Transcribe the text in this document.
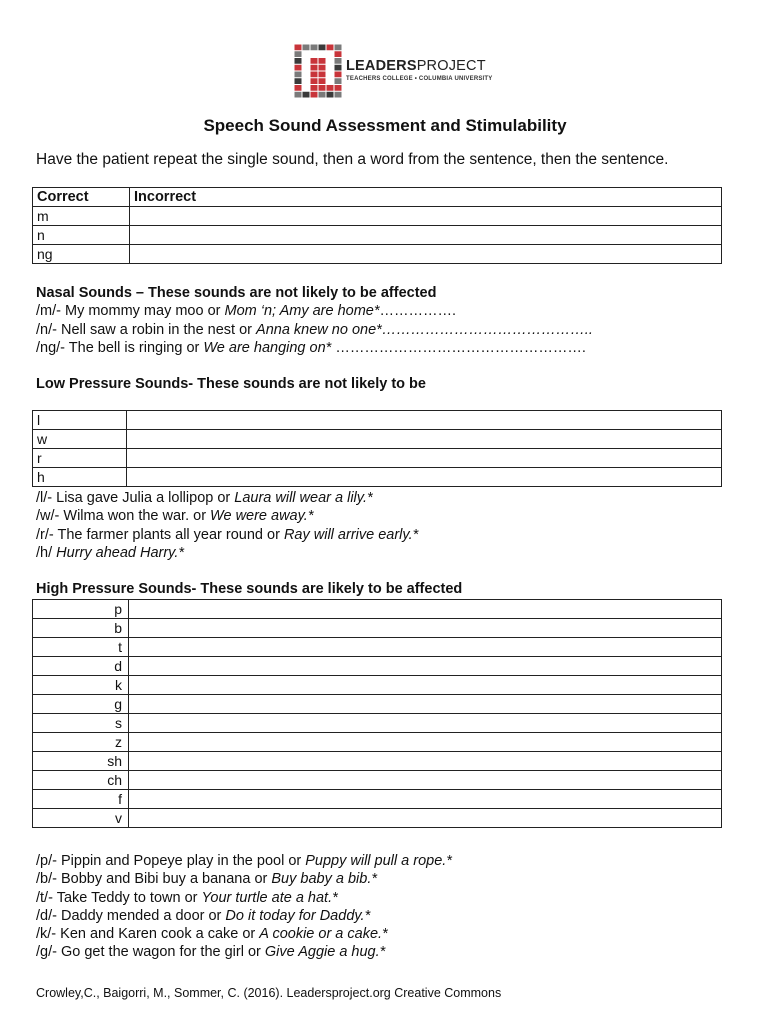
LEADERSPROJECT
TEACHERS COLLEGE • COLUMBIA UNIVERSITY
Speech Sound Assessment and Stimulability
Have the patient repeat the single sound, then a word from the sentence, then the sentence.
Correct	Incorrect
m	
n	
ng	
Nasal Sounds – These sounds are not likely to be affected
/m/- My mommy may moo or Mom ‘n; Amy are home*…………….
/n/- Nell saw a robin in the nest or Anna knew no one*……………………………………..
/ng/- The bell is ringing or We are hanging on* …………………………………………….
Low Pressure Sounds- These sounds are not likely to be
l	
w	
r	
h	
/l/- Lisa gave Julia a lollipop or Laura will wear a lily.*
/w/- Wilma won the war. or We were away.*
/r/- The farmer plants all year round or Ray will arrive early.*
/h/ Hurry ahead Harry.*
High Pressure Sounds- These sounds are likely to be affected
p	
b	
t	
d	
k	
g	
s	
z	
sh	
ch	
f	
v	
/p/- Pippin and Popeye play in the pool or Puppy will pull a rope.*
/b/- Bobby and Bibi buy a banana or Buy baby a bib.*
/t/- Take Teddy to town or Your turtle ate a hat.*
/d/- Daddy mended a door or Do it today for Daddy.*
/k/- Ken and Karen cook a cake or A cookie or a cake.*
/g/- Go get the wagon for the girl or Give Aggie a hug.*
Crowley,C., Baigorri, M., Sommer, C. (2016). Leadersproject.org Creative Commons
